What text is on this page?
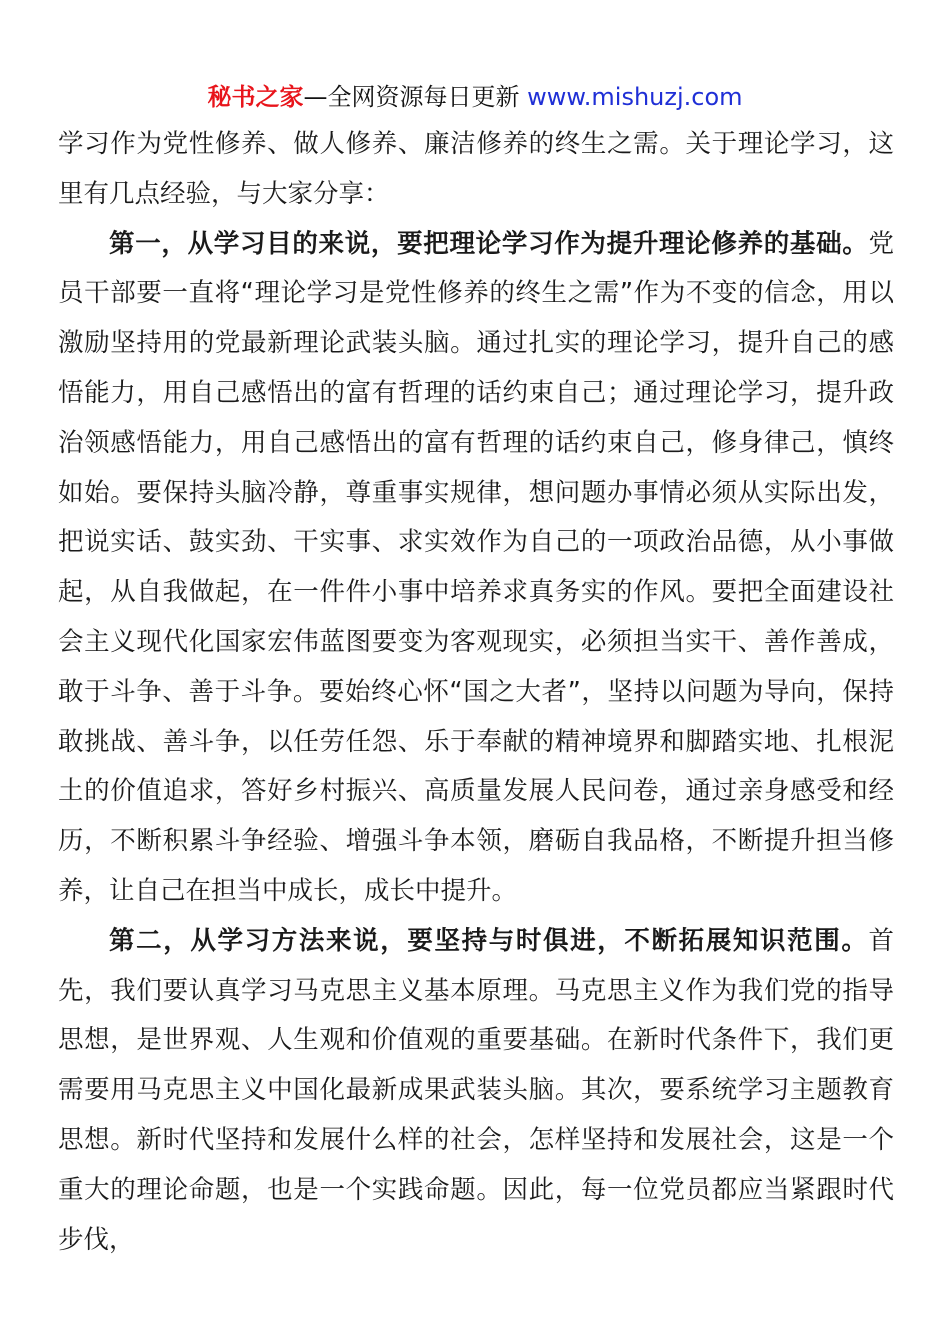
秘书之家—全网资源每日更新 www.mishuzj.com

学习作为党性修养、做人修养、廉洁修养的终生之需。关于理论学习，这里有几点经验，与大家分享：

第一，从学习目的来说，要把理论学习作为提升理论修养的基础。党员干部要一直将“理论学习是党性修养的终生之需”作为不变的信念，用以激励坚持用的党最新理论武装头脑。通过扎实的理论学习，提升自己的感悟能力，用自己感悟出的富有哲理的话约束自己；通过理论学习，提升政治领感悟能力，用自己感悟出的富有哲理的话约束自己，修身律己，慎终如始。要保持头脑冷静，尊重事实规律，想问题办事情必须从实际出发，把说实话、鼓实劲、干实事、求实效作为自己的一项政治品德，从小事做起，从自我做起，在一件件小事中培养求真务实的作风。要把全面建设社会主义现代化国家宏伟蓝图要变为客观现实，必须担当实干、善作善成，敢于斗争、善于斗争。要始终心怀“国之大者”，坚持以问题为导向，保持敢挑战、善斗争，以任劳任怨、乐于奉献的精神境界和脚踏实地、扎根泥土的价值追求，答好乡村振兴、高质量发展人民问卷，通过亲身感受和经历，不断积累斗争经验、增强斗争本领，磨砺自我品格，不断提升担当修养，让自己在担当中成长，成长中提升。

第二，从学习方法来说，要坚持与时俱进，不断拓展知识范围。首先，我们要认真学习马克思主义基本原理。马克思主义作为我们党的指导思想，是世界观、人生观和价值观的重要基础。在新时代条件下，我们更需要用马克思主义中国化最新成果武装头脑。其次，要系统学习主题教育思想。新时代坚持和发展什么样的社会，怎样坚持和发展社会，这是一个重大的理论命题，也是一个实践命题。因此，每一位党员都应当紧跟时代步伐，
